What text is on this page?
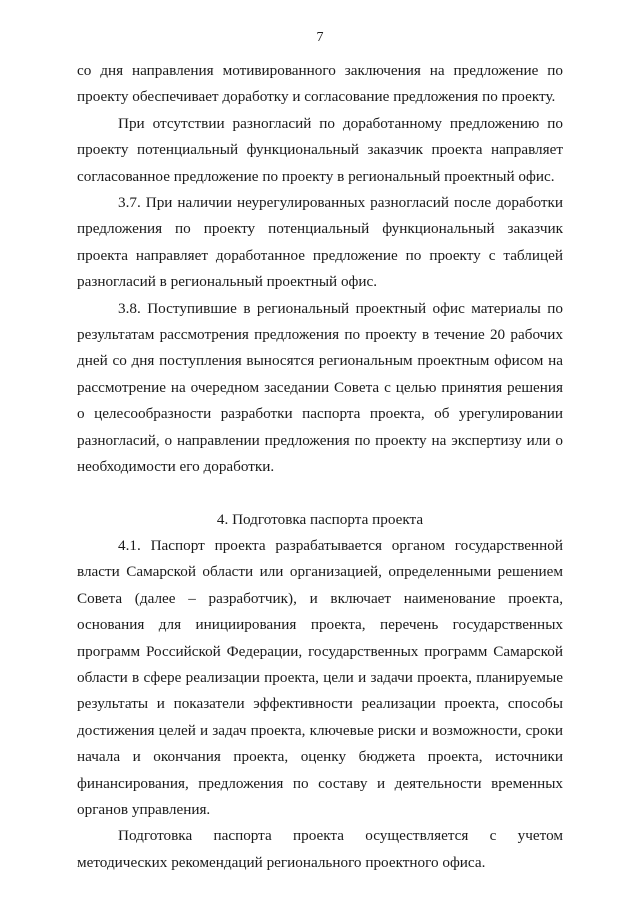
7

со дня направления мотивированного заключения на предложение по проекту обеспечивает доработку и согласование предложения по проекту.

При отсутствии разногласий по доработанному предложению по проекту потенциальный функциональный заказчик проекта направляет согласованное предложение по проекту в региональный проектный офис.

3.7. При наличии неурегулированных разногласий после доработки предложения по проекту потенциальный функциональный заказчик проекта направляет доработанное предложение по проекту с таблицей разногласий в региональный проектный офис.

3.8. Поступившие в региональный проектный офис материалы по результатам рассмотрения предложения по проекту в течение 20 рабочих дней со дня поступления выносятся региональным проектным офисом на рассмотрение на очередном заседании Совета с целью принятия решения о целесообразности разработки паспорта проекта, об урегулировании разногласий, о направлении предложения по проекту на экспертизу или о необходимости его доработки.

4. Подготовка паспорта проекта

4.1. Паспорт проекта разрабатывается органом государственной власти Самарской области или организацией, определенными решением Совета (далее – разработчик), и включает наименование проекта, основания для инициирования проекта, перечень государственных программ Российской Федерации, государственных программ Самарской области в сфере реализации проекта, цели и задачи проекта, планируемые результаты и показатели эффективности реализации проекта, способы достижения целей и задач проекта, ключевые риски и возможности, сроки начала и окончания проекта, оценку бюджета проекта, источники финансирования, предложения по составу и деятельности временных органов управления.

Подготовка паспорта проекта осуществляется с учетом методических рекомендаций регионального проектного офиса.
